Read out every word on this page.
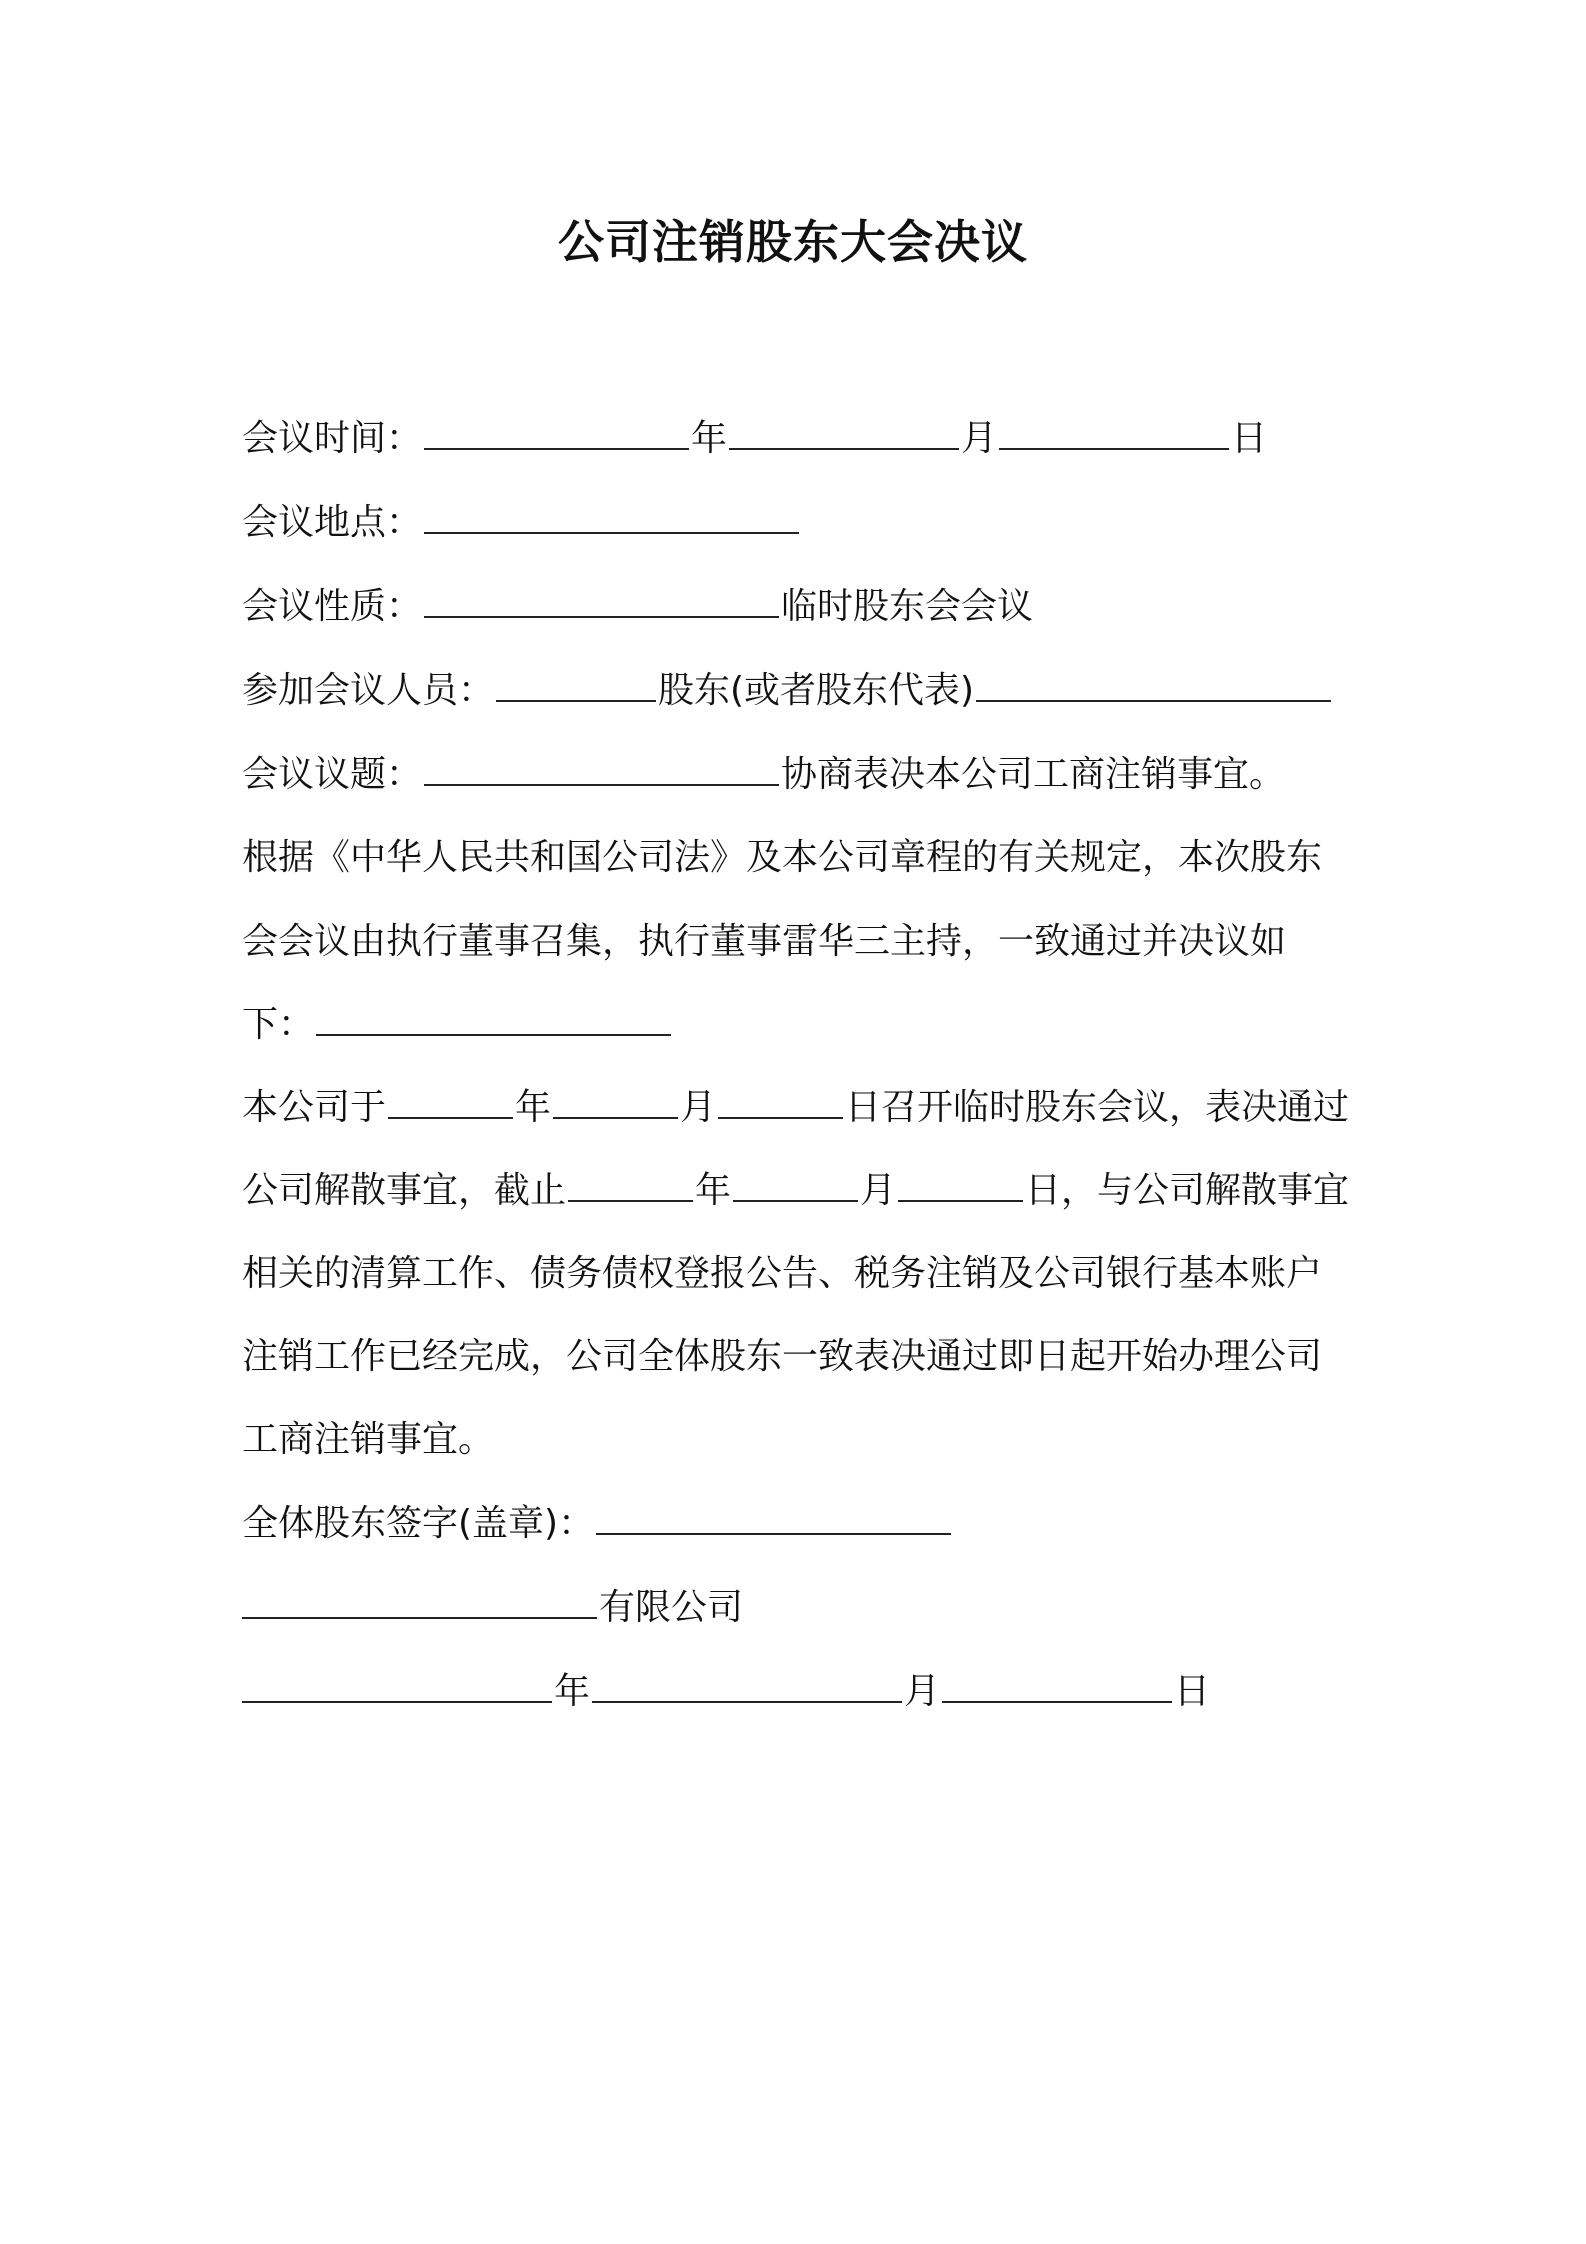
公司注销股东大会决议
会议时间：	年	月	日
会议地点：
会议性质：	临时股东会会议
参加会议人员：	股东(或者股东代表)
会议议题：	协商表决本公司工商注销事宜。
根据《中华人民共和国公司法》及本公司章程的有关规定，本次股东
会会议由执行董事召集，执行董事雷华三主持，一致通过并决议如
下：
本公司于	年	月	日召开临时股东会议，表决通过
公司解散事宜，截止	年	月	日，与公司解散事宜
相关的清算工作、债务债权登报公告、税务注销及公司银行基本账户
注销工作已经完成，公司全体股东一致表决通过即日起开始办理公司
工商注销事宜。
全体股东签字(盖章)：
有限公司
年	月	日
